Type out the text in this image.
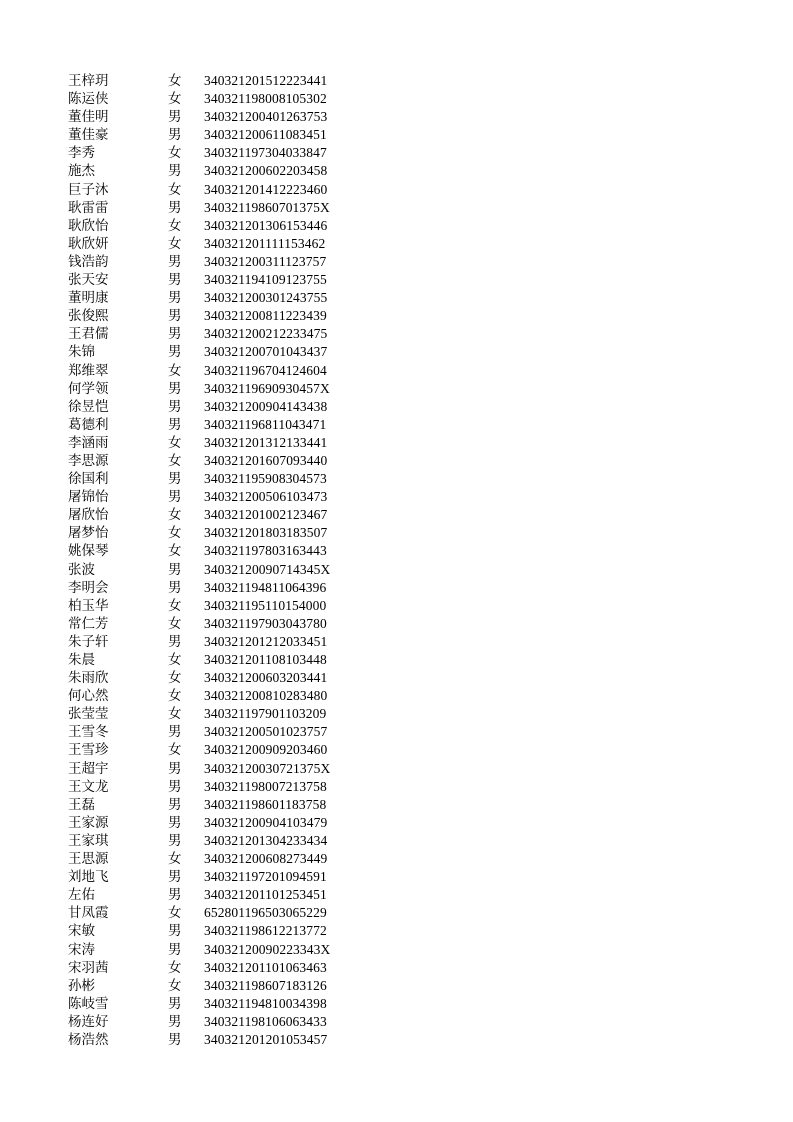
王梓玥	女	340321201512223441
陈运侠	女	340321198008105302
董佳明	男	340321200401263753
董佳豪	男	340321200611083451
李秀	女	340321197304033847
施杰	男	340321200602203458
巨子沐	女	340321201412223460
耿雷雷	男	34032119860701375X
耿欣怡	女	340321201306153446
耿欣妍	女	340321201111153462
钱浩韵	男	340321200311123757
张天安	男	340321194109123755
董明康	男	340321200301243755
张俊熙	男	340321200811223439
王君儒	男	340321200212233475
朱锦	男	340321200701043437
郑维翠	女	340321196704124604
何学领	男	34032119690930457X
徐昱恺	男	340321200904143438
葛德利	男	340321196811043471
李涵雨	女	340321201312133441
李思源	女	340321201607093440
徐国利	男	340321195908304573
屠锦怡	男	340321200506103473
屠欣怡	女	340321201002123467
屠梦怡	女	340321201803183507
姚保琴	女	340321197803163443
张波	男	34032120090714345X
李明会	男	340321194811064396
柏玉华	女	340321195110154000
常仁芳	女	340321197903043780
朱子轩	男	340321201212033451
朱晨	女	340321201108103448
朱雨欣	女	340321200603203441
何心然	女	340321200810283480
张莹莹	女	340321197901103209
王雪冬	男	340321200501023757
王雪珍	女	340321200909203460
王超宇	男	34032120030721375X
王文龙	男	340321198007213758
王磊	男	340321198601183758
王家源	男	340321200904103479
王家琪	男	340321201304233434
王思源	女	340321200608273449
刘地飞	男	340321197201094591
左佑	男	340321201101253451
甘凤霞	女	652801196503065229
宋敏	男	340321198612213772
宋涛	男	34032120090223343X
宋羽茜	女	340321201101063463
孙彬	女	340321198607183126
陈岐雪	男	340321194810034398
杨连好	男	340321198106063433
杨浩然	男	340321201201053457
